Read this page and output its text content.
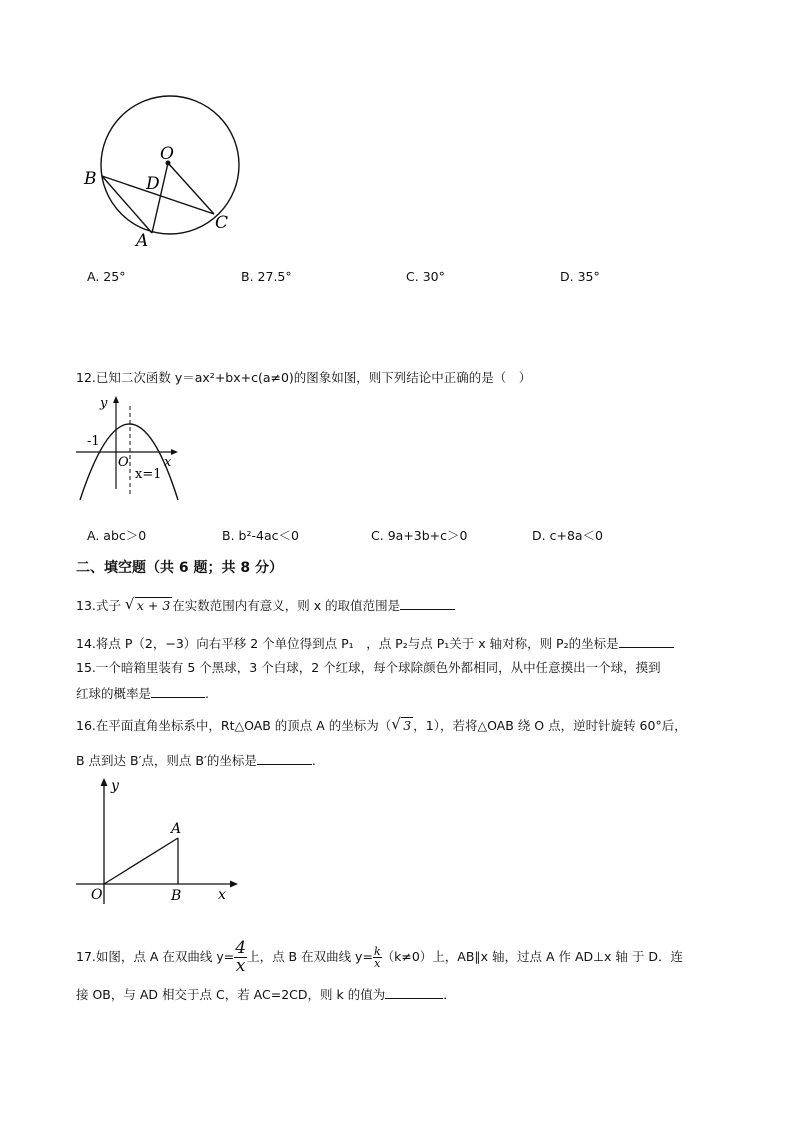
O
D
B
C
A
A. 25°	B. 27.5°	C. 30°	D. 35°
12.已知二次函数 y＝ax²+bx+c(a≠0)的图象如图，则下列结论中正确的是（　）
y
x
O
-1
x=1
A. abc＞0	B. b²-4ac＜0	C. 9a+3b+c＞0	D. c+8a＜0
二、填空题（共 6 题；共 8 分）
13.式子 √ x + 3 在实数范围内有意义，则 x 的取值范围是
14.将点 P（2，−3）向右平移 2 个单位得到点 P₁　，点 P₂与点 P₁关于 x 轴对称，则 P₂的坐标是
15.一个暗箱里装有 5 个黑球，3 个白球，2 个红球，每个球除颜色外都相同，从中任意摸出一个球，摸到
红球的概率是	.
16.在平面直角坐标系中，Rt△OAB 的顶点 A 的坐标为（ √ 3 ，1），若将△OAB 绕 O 点，逆时针旋转 60°后，
B 点到达 B′点，则点 B′的坐标是	.
y
x
O
A
B
17.如图，点 A 在双曲线 $y= \frac{4}{x}$ 上，点 B 在双曲线 $y= \frac{k}{x} (k\ne 0)$上，AB∥x 轴，过点 A 作 AD⊥x 轴 于 D．连
接 OB，与 AD 相交于点 C，若 AC=2CD，则 k 的值为	．
